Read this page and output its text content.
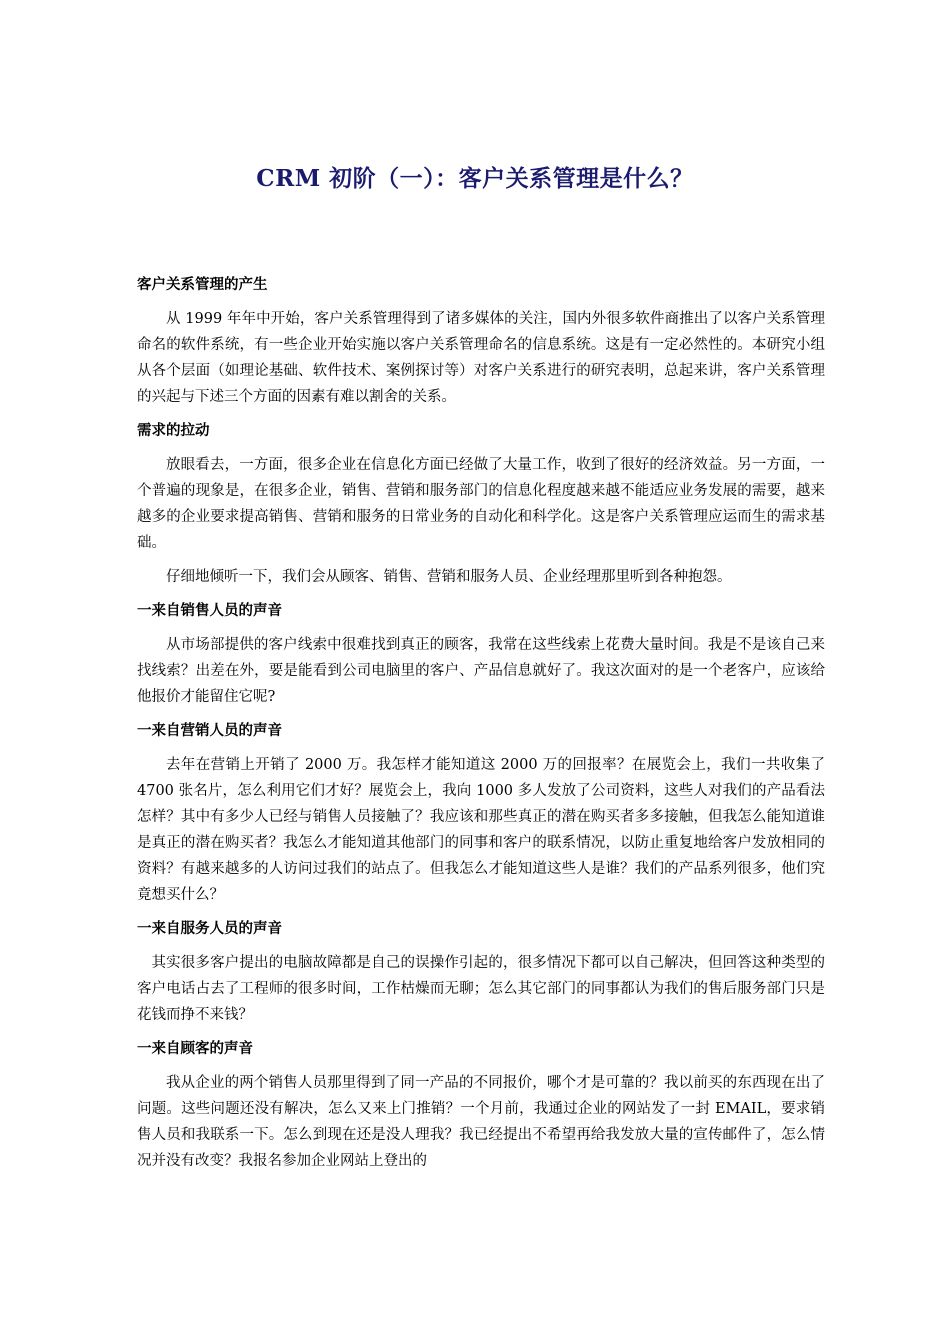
CRM 初阶（一）：客户关系管理是什么？
客户关系管理的产生

从 1999 年年中开始，客户关系管理得到了诸多媒体的关注，国内外很多软件商推出了以客户关系管理命名的软件系统，有一些企业开始实施以客户关系管理命名的信息系统。这是有一定必然性的。本研究小组从各个层面（如理论基础、软件技术、案例探讨等）对客户关系进行的研究表明，总起来讲，客户关系管理的兴起与下述三个方面的因素有难以割舍的关系。

需求的拉动

放眼看去，一方面，很多企业在信息化方面已经做了大量工作，收到了很好的经济效益。另一方面，一个普遍的现象是，在很多企业，销售、营销和服务部门的信息化程度越来越不能适应业务发展的需要，越来越多的企业要求提高销售、营销和服务的日常业务的自动化和科学化。这是客户关系管理应运而生的需求基础。

仔细地倾听一下，我们会从顾客、销售、营销和服务人员、企业经理那里听到各种抱怨。

一来自销售人员的声音

从市场部提供的客户线索中很难找到真正的顾客，我常在这些线索上花费大量时间。我是不是该自己来找线索？出差在外，要是能看到公司电脑里的客户、产品信息就好了。我这次面对的是一个老客户，应该给他报价才能留住它呢?

一来自营销人员的声音

去年在营销上开销了 2000 万。我怎样才能知道这 2000 万的回报率？在展览会上，我们一共收集了 4700 张名片，怎么利用它们才好？展览会上，我向 1000 多人发放了公司资料，这些人对我们的产品看法怎样？其中有多少人已经与销售人员接触了？我应该和那些真正的潜在购买者多多接触，但我怎么能知道谁是真正的潜在购买者？我怎么才能知道其他部门的同事和客户的联系情况，以防止重复地给客户发放相同的资料？有越来越多的人访问过我们的站点了。但我怎么才能知道这些人是谁？我们的产品系列很多，他们究竟想买什么？

一来自服务人员的声音

其实很多客户提出的电脑故障都是自己的误操作引起的，很多情况下都可以自己解决，但回答这种类型的客户电话占去了工程师的很多时间，工作枯燥而无聊；怎么其它部门的同事都认为我们的售后服务部门只是花钱而挣不来钱？

一来自顾客的声音

我从企业的两个销售人员那里得到了同一产品的不同报价，哪个才是可靠的？我以前买的东西现在出了问题。这些问题还没有解决，怎么又来上门推销？一个月前，我通过企业的网站发了一封 EMAIL，要求销售人员和我联系一下。怎么到现在还是没人理我？我已经提出不希望再给我发放大量的宣传邮件了，怎么情况并没有改变？我报名参加企业网站上登出的
